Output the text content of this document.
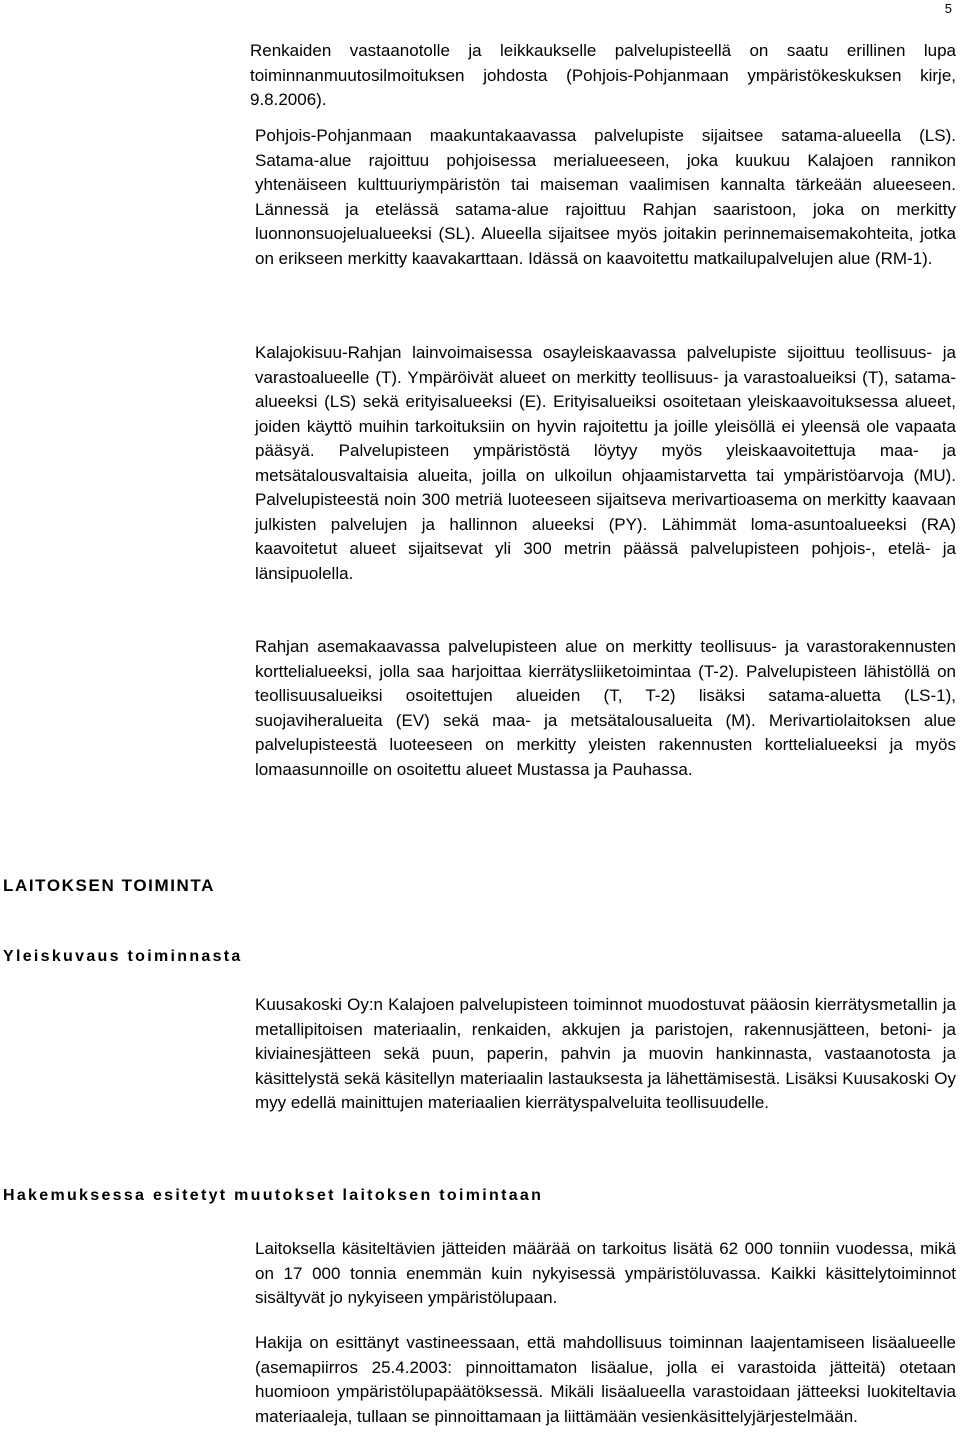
5

Renkaiden vastaanotolle ja leikkaukselle palvelupisteellä on saatu erillinen lupa toiminnanmuutosilmoituksen johdosta (Pohjois-Pohjanmaan ympäristökeskuksen kirje, 9.8.2006).

Pohjois-Pohjanmaan maakuntakaavassa palvelupiste sijaitsee satama-alueella (LS). Satama-alue rajoittuu pohjoisessa merialueeseen, joka kuukuu Kalajoen rannikon yhtenäiseen kulttuuriympäristön tai maiseman vaalimisen kannalta tärkeään alueeseen. Lännessä ja etelässä satama-alue rajoittuu Rahjan saaristoon, joka on merkitty luonnonsuojelualueeksi (SL). Alueella sijaitsee myös joitakin perinnemaisemakohteita, jotka on erikseen merkitty kaavakarttaan. Idässä on kaavoitettu matkailupalvelujen alue (RM-1).

Kalajokisuu-Rahjan lainvoimaisessa osayleiskaavassa palvelupiste sijoittuu teollisuus- ja varastoalueelle (T). Ympäröivät alueet on merkitty teollisuus- ja varastoalueiksi (T), satama-alueeksi (LS) sekä erityisalueeksi (E). Erityisalueiksi osoitetaan yleiskaavoituksessa alueet, joiden käyttö muihin tarkoituksiin on hyvin rajoitettu ja joille yleisöllä ei yleensä ole vapaata pääsyä. Palvelupisteen ympäristöstä löytyy myös yleiskaavoitettuja maa- ja metsätalousvaltaisia alueita, joilla on ulkoilun ohjaamistarvetta tai ympäristöarvoja (MU). Palvelupisteestä noin 300 metriä luoteeseen sijaitseva merivartioasema on merkitty kaavaan julkisten palvelujen ja hallinnon alueeksi (PY). Lähimmät loma-asuntoalueeksi (RA) kaavoitetut alueet sijaitsevat yli 300 metrin päässä palvelupisteen pohjois-, etelä- ja länsipuolella.

Rahjan asemakaavassa palvelupisteen alue on merkitty teollisuus- ja varastorakennusten korttelialueeksi, jolla saa harjoittaa kierrätysliiketoimintaa (T-2). Palvelupisteen lähistöllä on teollisuusalueiksi osoitettujen alueiden (T, T-2) lisäksi satama-aluetta (LS-1), suojaviheralueita (EV) sekä maa- ja metsätalousalueita (M). Merivartiolaitoksen alue palvelupisteestä luoteeseen on merkitty yleisten rakennusten korttelialueeksi ja myös lomaasunnoille on osoitettu alueet Mustassa ja Pauhassa.

LAITOKSEN TOIMINTA
Yleiskuvaus toiminnasta

Kuusakoski Oy:n Kalajoen palvelupisteen toiminnot muodostuvat pääosin kierrätysmetallin ja metallipitoisen materiaalin, renkaiden, akkujen ja paristojen, rakennusjätteen, betoni- ja kiviainesjätteen sekä puun, paperin, pahvin ja muovin hankinnasta, vastaanotosta ja käsittelystä sekä käsitellyn materiaalin lastauksesta ja lähettämisestä. Lisäksi Kuusakoski Oy myy edellä mainittujen materiaalien kierrätyspalveluita teollisuudelle.

Hakemuksessa esitetyt muutokset laitoksen toimintaan

Laitoksella käsiteltävien jätteiden määrää on tarkoitus lisätä 62 000 tonniin vuodessa, mikä on 17 000 tonnia enemmän kuin nykyisessä ympäristöluvassa. Kaikki käsittelytoiminnot sisältyvät jo nykyiseen ympäristölupaan.

Hakija on esittänyt vastineessaan, että mahdollisuus toiminnan laajentamiseen lisäalueelle (asemapiirros 25.4.2003: pinnoittamaton lisäalue, jolla ei varastoida jätteitä) otetaan huomioon ympäristölupapäätöksessä. Mikäli lisäalueella varastoidaan jätteeksi luokiteltavia materiaaleja, tullaan se pinnoittamaan ja liittämään vesienkäsittelyjärjestelmään.
